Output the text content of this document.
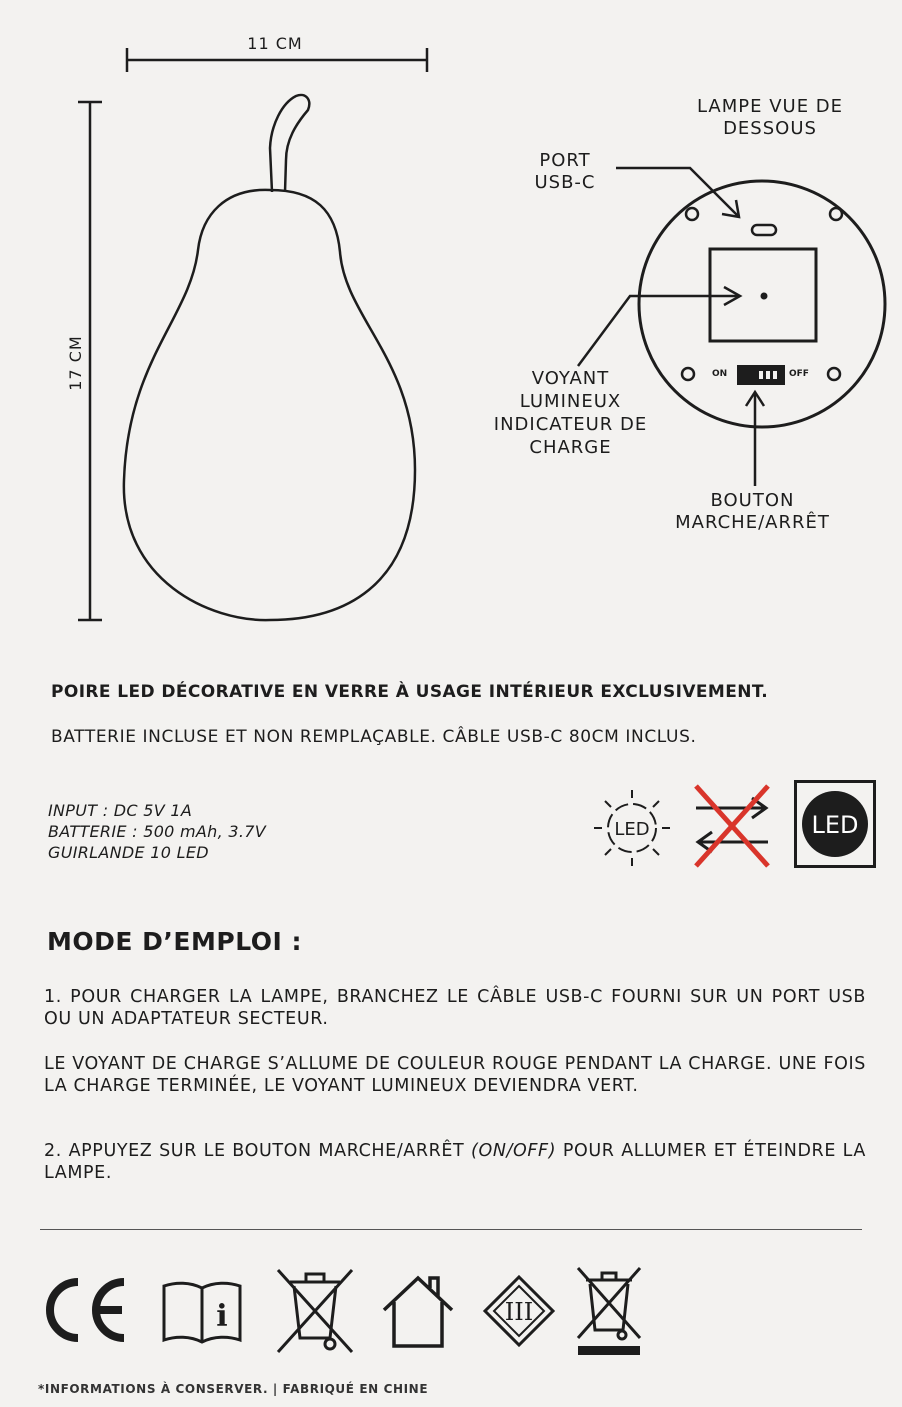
11 CM
17 CM
LAMPE VUE DE DESSOUS
PORT USB-C
VOYANT LUMINEUX INDICATEUR DE CHARGE
BOUTON MARCHE/ARRÊT
ON	OFF
POIRE LED DÉCORATIVE EN VERRE À USAGE INTÉRIEUR EXCLUSIVEMENT.
BATTERIE INCLUSE ET NON REMPLAÇABLE. CÂBLE USB-C 80CM INCLUS.
INPUT : DC 5V 1A
BATTERIE : 500 mAh, 3.7V
GUIRLANDE 10 LED
LED	LED
MODE D’EMPLOI :
1. POUR CHARGER LA LAMPE, BRANCHEZ LE CÂBLE USB-C FOURNI SUR UN PORT USB OU UN ADAPTATEUR SECTEUR.
LE VOYANT DE CHARGE S’ALLUME DE COULEUR ROUGE PENDANT LA CHARGE. UNE FOIS LA CHARGE TERMINÉE, LE VOYANT LUMINEUX DEVIENDRA VERT.
2. APPUYEZ SUR LE BOUTON MARCHE/ARRÊT (ON/OFF) POUR ALLUMER ET ÉTEINDRE LA LAMPE.
CE
i	III
*INFORMATIONS À CONSERVER. | FABRIQUÉ EN CHINE
